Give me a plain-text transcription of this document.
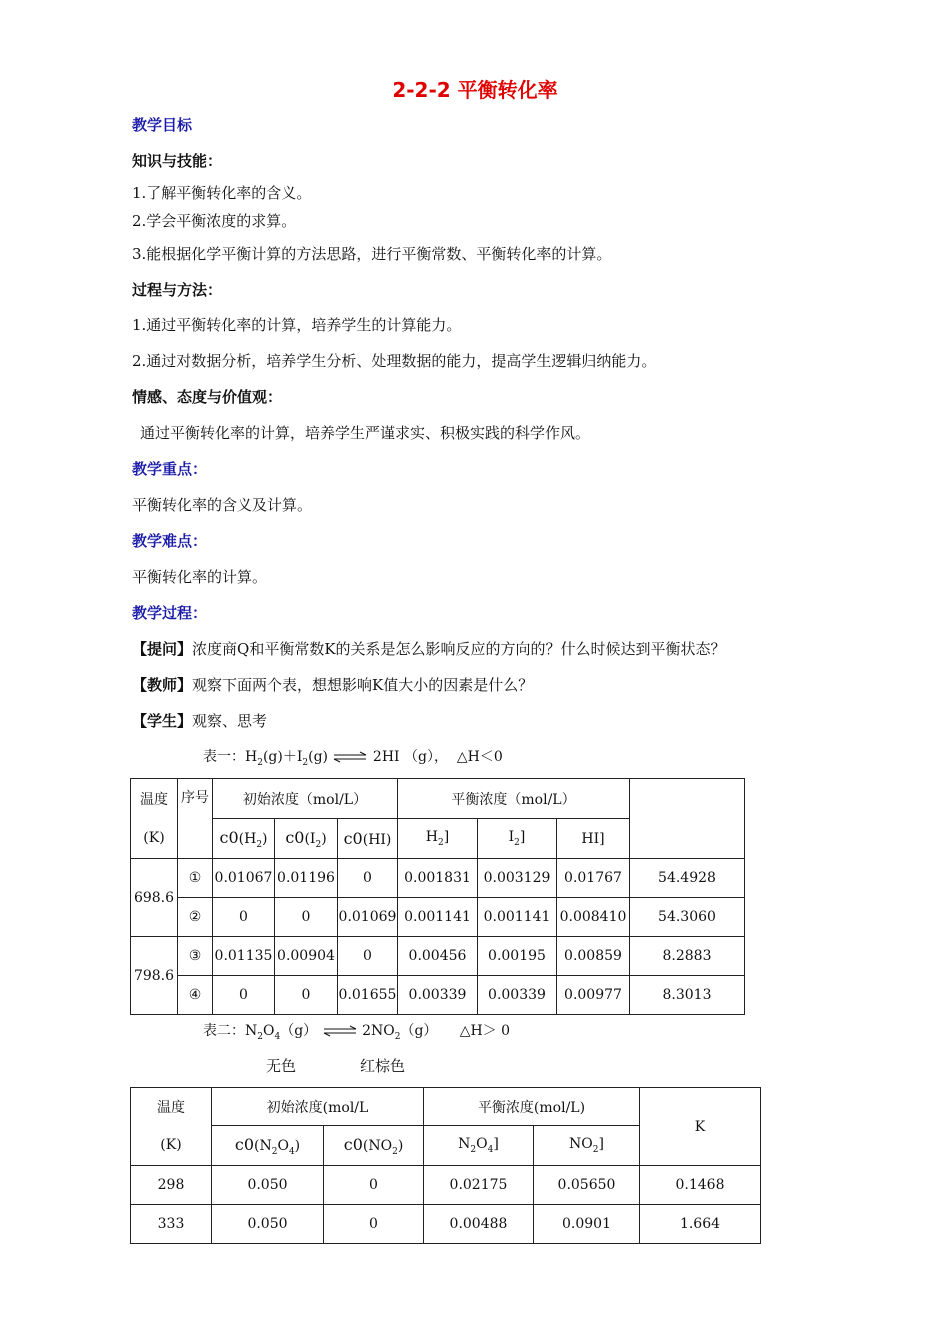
2-2-2 平衡转化率
教学目标
知识与技能：
1.了解平衡转化率的含义。
2.学会平衡浓度的求算。
3.能根据化学平衡计算的方法思路，进行平衡常数、平衡转化率的计算。
过程与方法：
1.通过平衡转化率的计算，培养学生的计算能力。
2.通过对数据分析，培养学生分析、处理数据的能力，提高学生逻辑归纳能力。
情感、态度与价值观：
通过平衡转化率的计算，培养学生严谨求实、积极实践的科学作风。
教学重点：
平衡转化率的含义及计算。
教学难点：
平衡转化率的计算。
教学过程：
【提问】浓度商Q和平衡常数K的关系是怎么影响反应的方向的？什么时候达到平衡状态？
【教师】观察下面两个表，想想影响K值大小的因素是什么？
【学生】观察、思考
表一：$H_2(g)+I_2(g)$ ⇌ 2HI （g）， △H＜0
温度	序号	初始浓度（mol/L）			平衡浓度（mol/L）			
(K)		$c0(H_2)$	$c0(I_2)$	c0(HI)	$H_2$]	$I_2$]	HI]	
698.6	①	0.01067	0.01196	0	0.001831	0.003129	0.01767	54.4928
	②	0	0	0.01069	0.001141	0.001141	0.008410	54.3060
798.6	③	0.01135	0.00904	0	0.00456	0.00195	0.00859	8.2883
	④	0	0	0.01655	0.00339	0.00339	0.00977	8.3013
表二：$N_2O_4(g)$ ⇌ $2NO_2(g)$ △H＞ 0
无色	红棕色
温度	初始浓度(mol/L		平衡浓度(mol/L)		K
(K)	$c0(N_2O_4)$	$c0(NO_2)$	$N_2O_4$]	$NO_2$]	
298	0.050	0	0.02175	0.05650	0.1468
333	0.050	0	0.00488	0.0901	1.664
